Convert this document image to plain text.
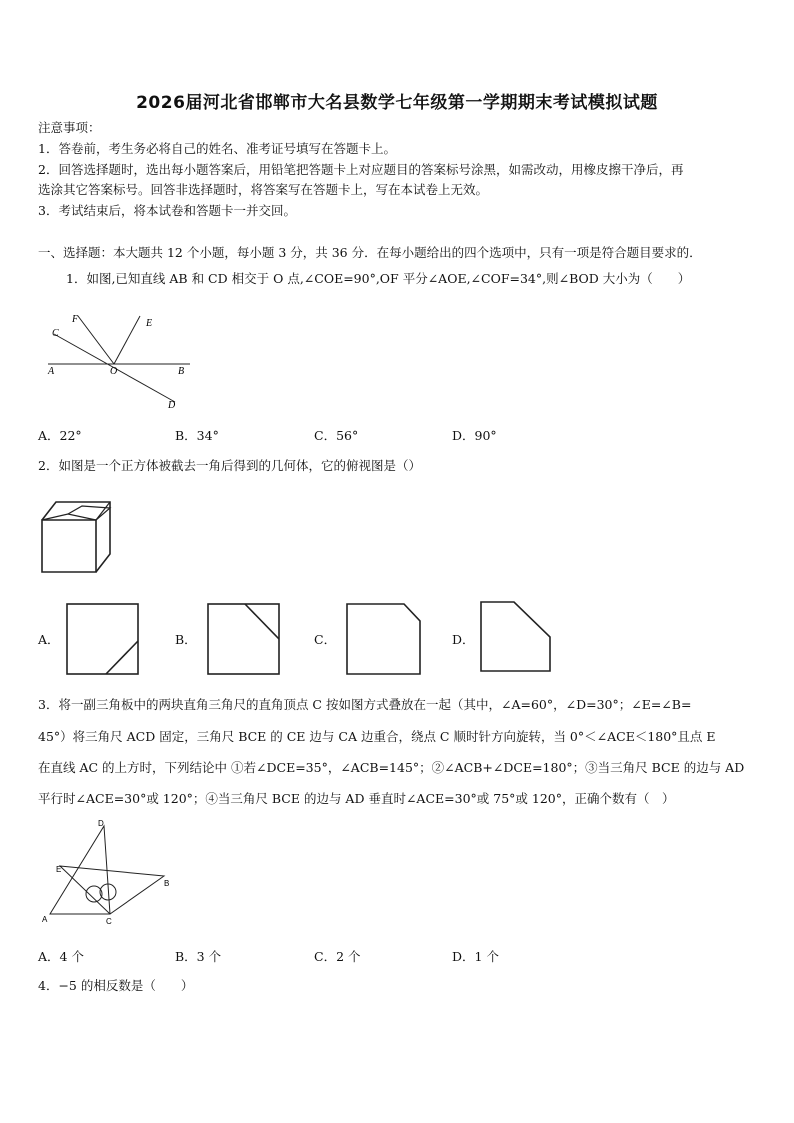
2026届河北省邯郸市大名县数学七年级第一学期期末考试模拟试题
注意事项：
1．答卷前，考生务必将自己的姓名、准考证号填写在答题卡上。
2．回答选择题时，选出每小题答案后，用铅笔把答题卡上对应题目的答案标号涂黑，如需改动，用橡皮擦干净后，再
选涂其它答案标号。回答非选择题时，将答案写在答题卡上，写在本试卷上无效。
3．考试结束后，将本试卷和答题卡一并交回。
一、选择题：本大题共 12 个小题，每小题 3 分，共 36 分．在每小题给出的四个选项中，只有一项是符合题目要求的．
1．如图,已知直线 AB 和 CD 相交于 O 点,∠COE=90°,OF 平分∠AOE,∠COF=34°,则∠BOD 大小为（　　）
C
F	E
A	O	B
D
A．22°	B．34°	C．56°	D．90°
2．如图是一个正方体被截去一角后得到的几何体，它的俯视图是（）
A．	B．	C．	D．
3．将一副三角板中的两块直角三角尺的直角顶点 C 按如图方式叠放在一起（其中，∠A=60°，∠D=30°；∠E=∠B=
45°）将三角尺 ACD 固定，三角尺 BCE 的 CE 边与 CA 边重合，绕点 C 顺时针方向旋转，当 0°＜∠ACE＜180°且点 E
在直线 AC 的上方时，下列结论中 ①若∠DCE=35°，∠ACB=145°；②∠ACB+∠DCE=180°；③当三角尺 BCE 的边与 AD
平行时∠ACE=30°或 120°；④当三角尺 BCE 的边与 AD 垂直时∠ACE=30°或 75°或 120°，正确个数有（　）
D
E
B
A	C
A．4 个	B．3 个	C．2 个	D．1 个
4．−5 的相反数是（　　）
